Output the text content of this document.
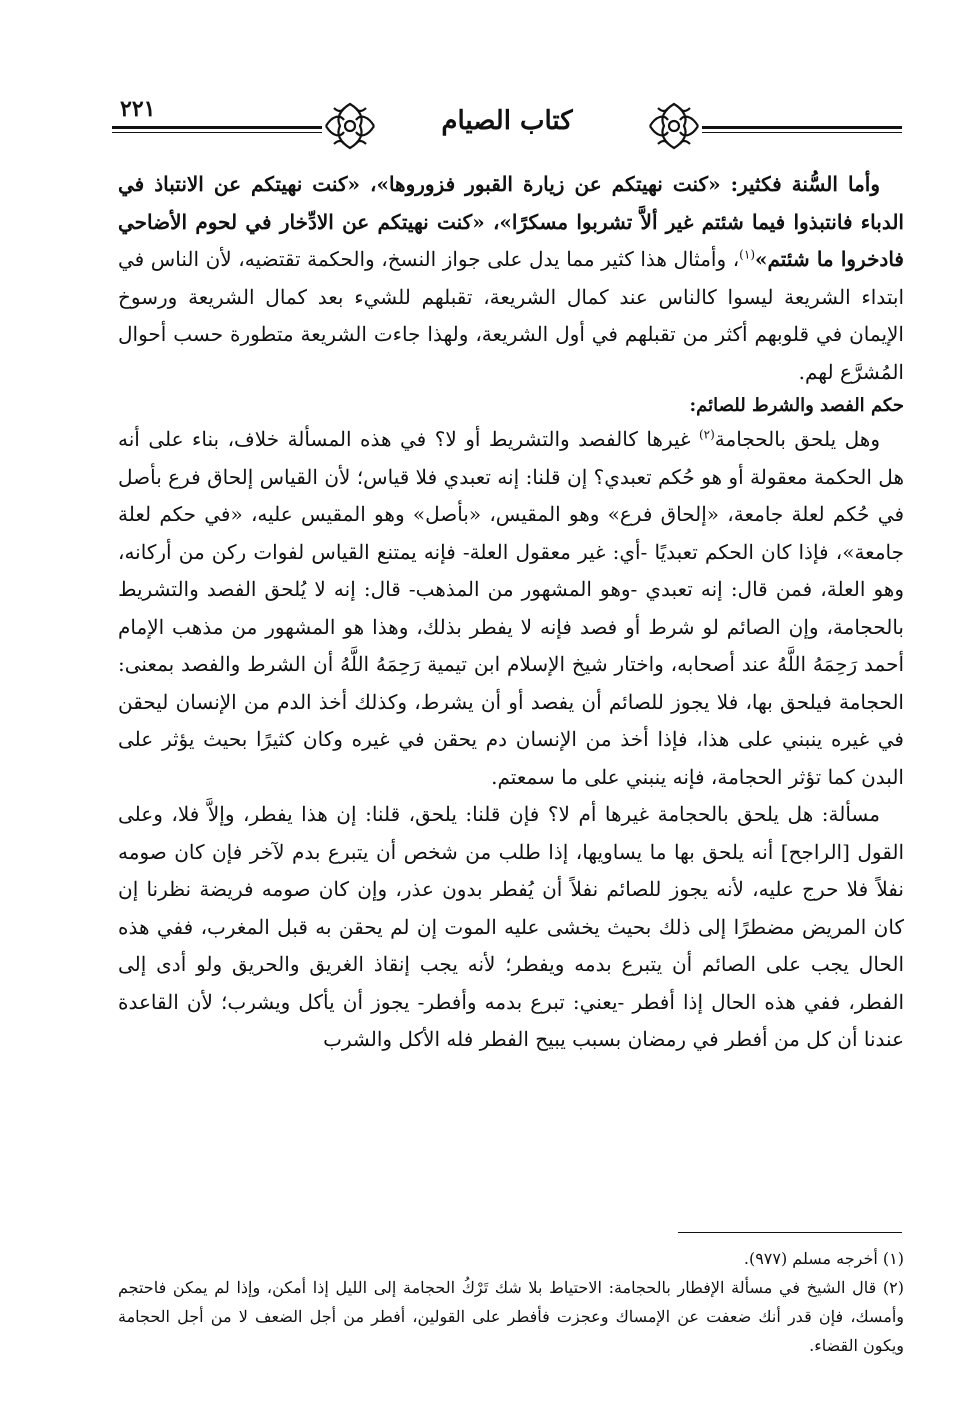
٢٢١	كتاب الصيام

وأما السُّنة فكثير: «كنت نهيتكم عن زيارة القبور فزوروها»، «كنت نهيتكم عن الانتباذ في الدباء فانتبذوا فيما شئتم غير ألاَّ تشربوا مسكرًا»، «كنت نهيتكم عن الادِّخار في لحوم الأضاحي فادخروا ما شئتم»$^{(١)}$، وأمثال هذا كثير مما يدل على جواز النسخ، والحكمة تقتضيه، لأن الناس في ابتداء الشريعة ليسوا كالناس عند كمال الشريعة، تقبلهم للشيء بعد كمال الشريعة ورسوخ الإيمان في قلوبهم أكثر من تقبلهم في أول الشريعة، ولهذا جاءت الشريعة متطورة حسب أحوال المُشرَّع لهم.

حكم الفصد والشرط للصائم:

وهل يلحق بالحجامة$^{(٢)}$ غيرها كالفصد والتشريط أو لا؟ في هذه المسألة خلاف، بناء على أنه هل الحكمة معقولة أو هو حُكم تعبدي؟ إن قلنا: إنه تعبدي فلا قياس؛ لأن القياس إلحاق فرع بأصل في حُكم لعلة جامعة، «إلحاق فرع» وهو المقيس، «بأصل» وهو المقيس عليه، «في حكم لعلة جامعة»، فإذا كان الحكم تعبديًا -أي: غير معقول العلة- فإنه يمتنع القياس لفوات ركن من أركانه، وهو العلة، فمن قال: إنه تعبدي -وهو المشهور من المذهب- قال: إنه لا يُلحق الفصد والتشريط بالحجامة، وإن الصائم لو شرط أو فصد فإنه لا يفطر بذلك، وهذا هو المشهور من مذهب الإمام أحمد رَحِمَهُ اللَّهُ عند أصحابه، واختار شيخ الإسلام ابن تيمية رَحِمَهُ اللَّهُ أن الشرط والفصد بمعنى: الحجامة فيلحق بها، فلا يجوز للصائم أن يفصد أو أن يشرط، وكذلك أخذ الدم من الإنسان ليحقن في غيره ينبني على هذا، فإذا أخذ من الإنسان دم يحقن في غيره وكان كثيرًا بحيث يؤثر على البدن كما تؤثر الحجامة، فإنه ينبني على ما سمعتم.

مسألة: هل يلحق بالحجامة غيرها أم لا؟ فإن قلنا: يلحق، قلنا: إن هذا يفطر، وإلاَّ فلا، وعلى القول [الراجح] أنه يلحق بها ما يساويها، إذا طلب من شخص أن يتبرع بدم لآخر فإن كان صومه نفلاً فلا حرج عليه، لأنه يجوز للصائم نفلاً أن يُفطر بدون عذر، وإن كان صومه فريضة نظرنا إن كان المريض مضطرًا إلى ذلك بحيث يخشى عليه الموت إن لم يحقن به قبل المغرب، ففي هذه الحال يجب على الصائم أن يتبرع بدمه ويفطر؛ لأنه يجب إنقاذ الغريق والحريق ولو أدى إلى الفطر، ففي هذه الحال إذا أفطر -يعني: تبرع بدمه وأفطر- يجوز أن يأكل ويشرب؛ لأن القاعدة عندنا أن كل من أفطر في رمضان بسبب يبيح الفطر فله الأكل والشرب

(١) أخرجه مسلم (٩٧٧).

(٢) قال الشيخ في مسألة الإفطار بالحجامة: الاحتياط بلا شك تَرْكُ الحجامة إلى الليل إذا أمكن، وإذا لم يمكن فاحتجم وأمسك، فإن قدر أنك ضعفت عن الإمساك وعجزت فأفطر على القولين، أفطر من أجل الضعف لا من أجل الحجامة ويكون القضاء.
